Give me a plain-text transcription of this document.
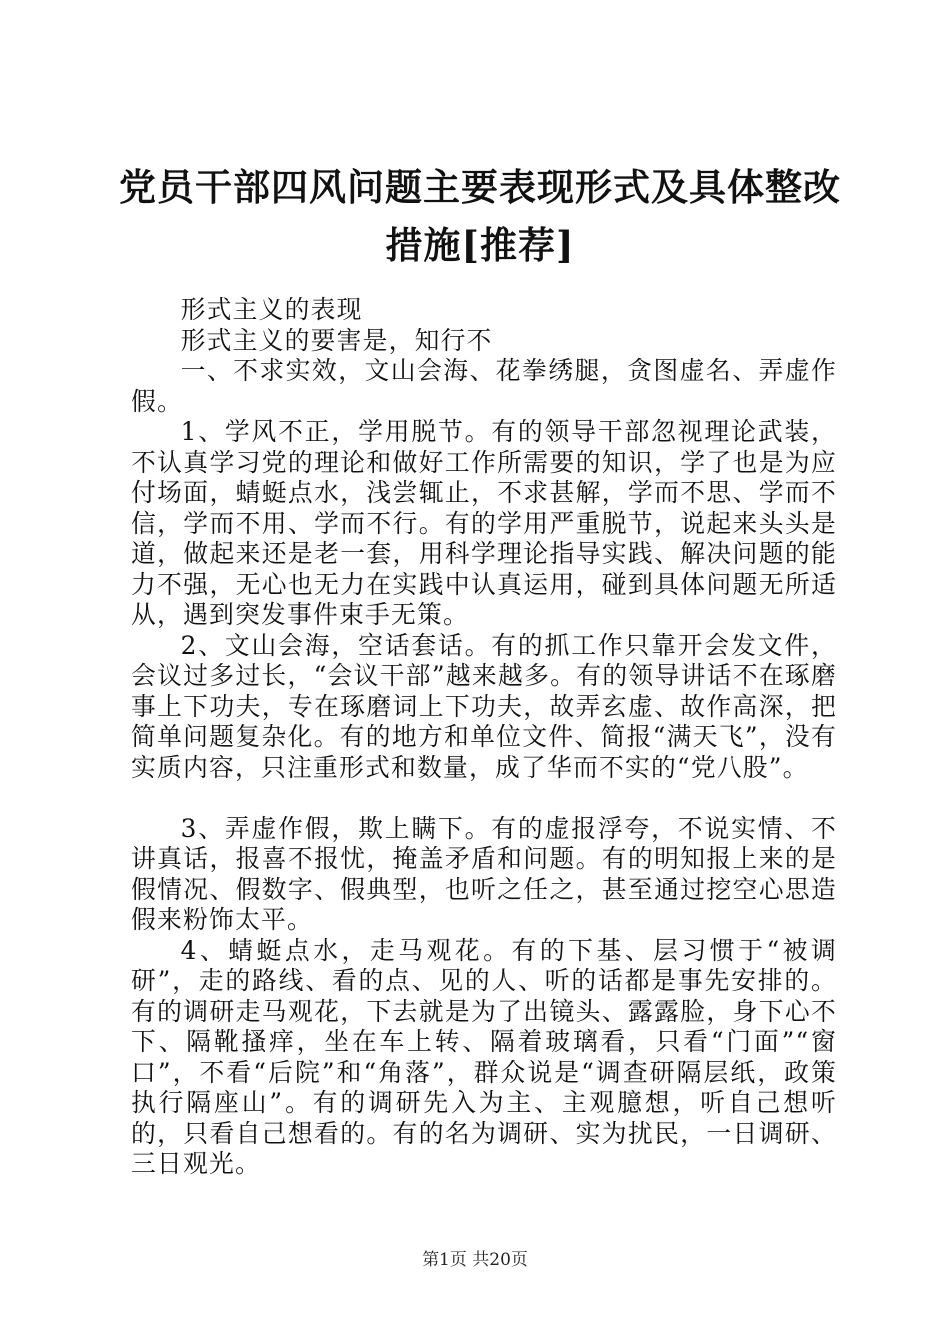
党员干部四风问题主要表现形式及具体整改措施[推荐]

形式主义的表现

形式主义的要害是，知行不

一、不求实效，文山会海、花拳绣腿，贪图虚名、弄虚作假。

1、学风不正，学用脱节。有的领导干部忽视理论武装，不认真学习党的理论和做好工作所需要的知识，学了也是为应付场面，蜻蜓点水，浅尝辄止，不求甚解，学而不思、学而不信，学而不用、学而不行。有的学用严重脱节，说起来头头是道，做起来还是老一套，用科学理论指导实践、解决问题的能力不强，无心也无力在实践中认真运用，碰到具体问题无所适从，遇到突发事件束手无策。

2、文山会海，空话套话。有的抓工作只靠开会发文件，会议过多过长，“会议干部”越来越多。有的领导讲话不在琢磨事上下功夫，专在琢磨词上下功夫，故弄玄虚、故作高深，把简单问题复杂化。有的地方和单位文件、简报“满天飞”，没有实质内容，只注重形式和数量，成了华而不实的“党八股”。

3、弄虚作假，欺上瞒下。有的虚报浮夸，不说实情、不讲真话，报喜不报忧，掩盖矛盾和问题。有的明知报上来的是假情况、假数字、假典型，也听之任之，甚至通过挖空心思造假来粉饰太平。

4、蜻蜓点水，走马观花。有的下基、层习惯于“被调研”，走的路线、看的点、见的人、听的话都是事先安排的。有的调研走马观花，下去就是为了出镜头、露露脸，身下心不下、隔靴搔痒，坐在车上转、隔着玻璃看，只看“门面”“窗口”，不看“后院”和“角落”，群众说是“调查研隔层纸，政策执行隔座山”。有的调研先入为主、主观臆想，听自己想听的，只看自己想看的。有的名为调研、实为扰民，一日调研、三日观光。

第1页 共20页
